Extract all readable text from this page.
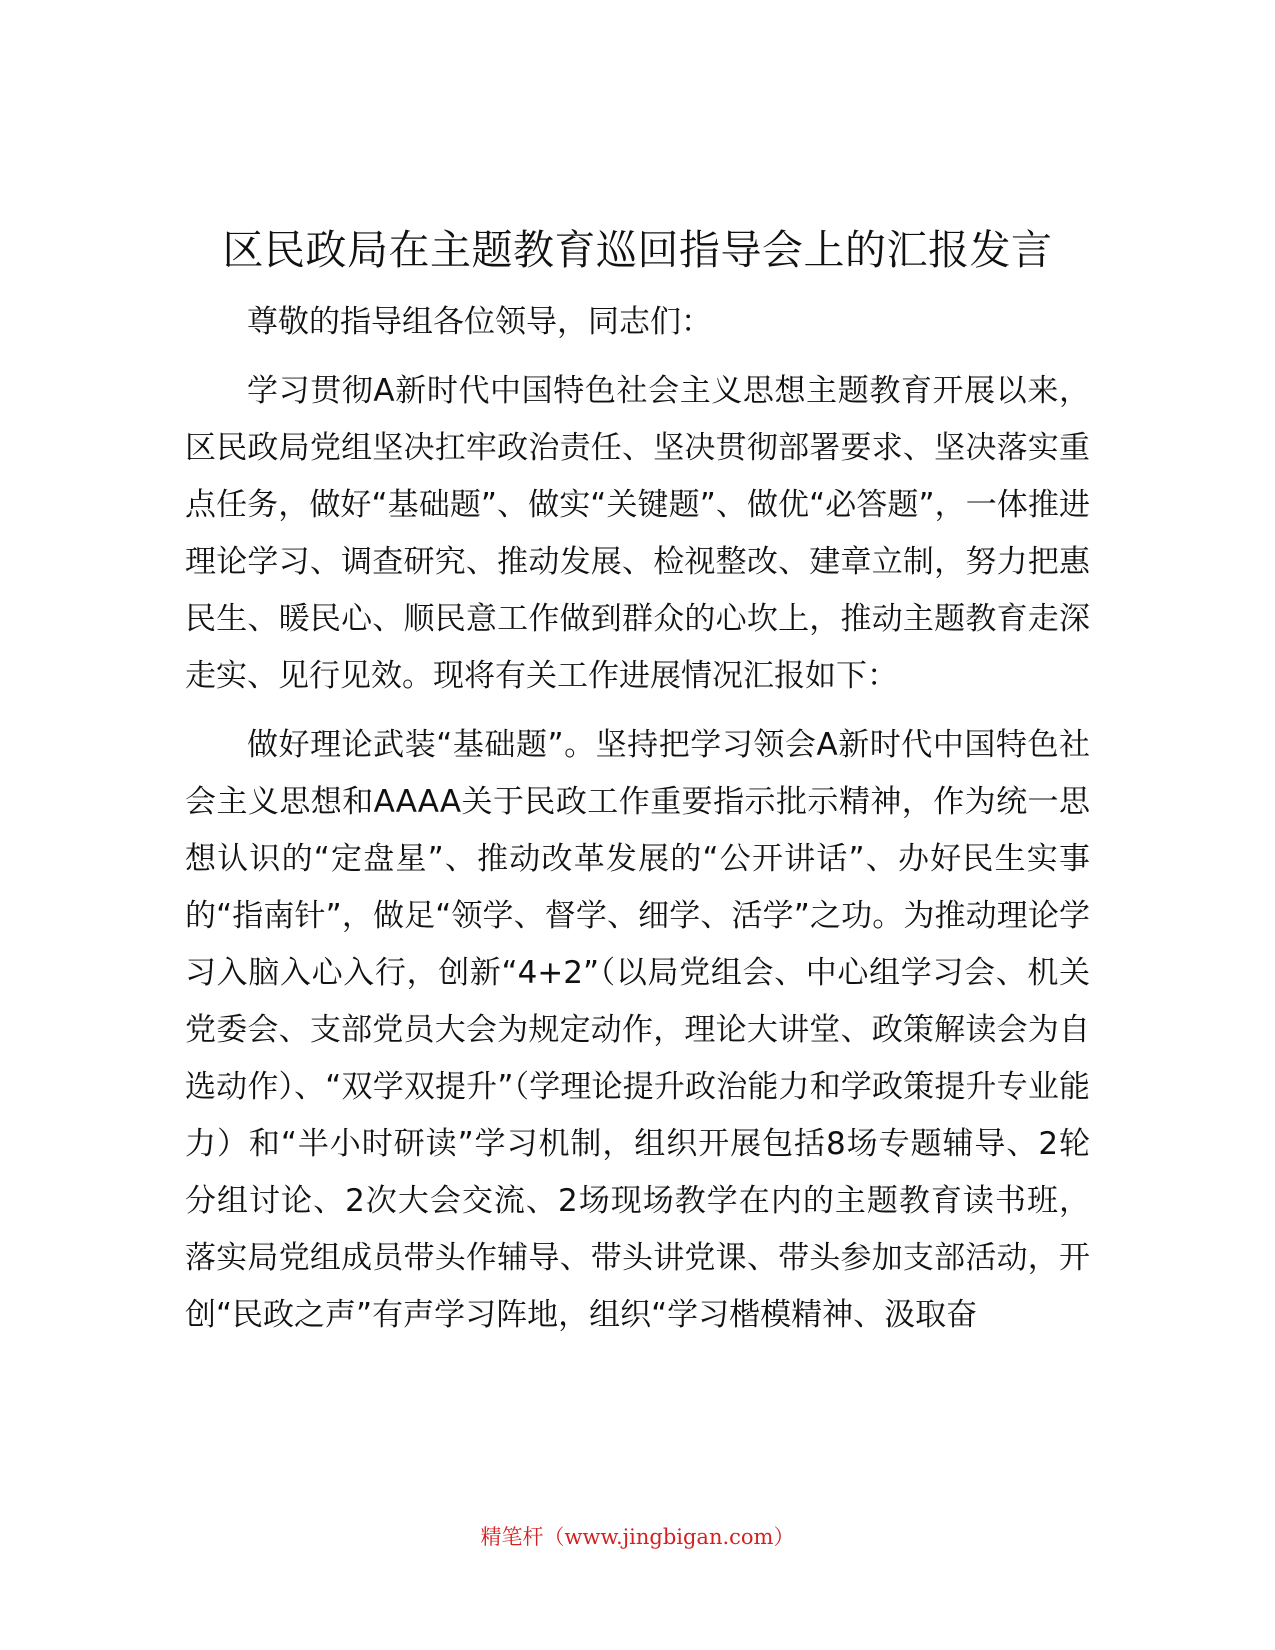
区民政局在主题教育巡回指导会上的汇报发言

尊敬的指导组各位领导，同志们：

学习贯彻A新时代中国特色社会主义思想主题教育开展以来，区民政局党组坚决扛牢政治责任、坚决贯彻部署要求、坚决落实重点任务，做好“基础题”、做实“关键题”、做优“必答题”，一体推进理论学习、调查研究、推动发展、检视整改、建章立制，努力把惠民生、暖民心、顺民意工作做到群众的心坎上，推动主题教育走深走实、见行见效。现将有关工作进展情况汇报如下：

做好理论武装“基础题”。坚持把学习领会A新时代中国特色社会主义思想和AAAA关于民政工作重要指示批示精神，作为统一思想认识的“定盘星”、推动改革发展的“公开讲话”、办好民生实事的“指南针”，做足“领学、督学、细学、活学”之功。为推动理论学习入脑入心入行，创新“4+2”（以局党组会、中心组学习会、机关党委会、支部党员大会为规定动作，理论大讲堂、政策解读会为自选动作）、“双学双提升”（学理论提升政治能力和学政策提升专业能力）和“半小时研读”学习机制，组织开展包括8场专题辅导、2轮分组讨论、2次大会交流、2场现场教学在内的主题教育读书班，落实局党组成员带头作辅导、带头讲党课、带头参加支部活动，开创“民政之声”有声学习阵地，组织“学习楷模精神、汲取奋

精笔杆（www.jingbigan.com）
